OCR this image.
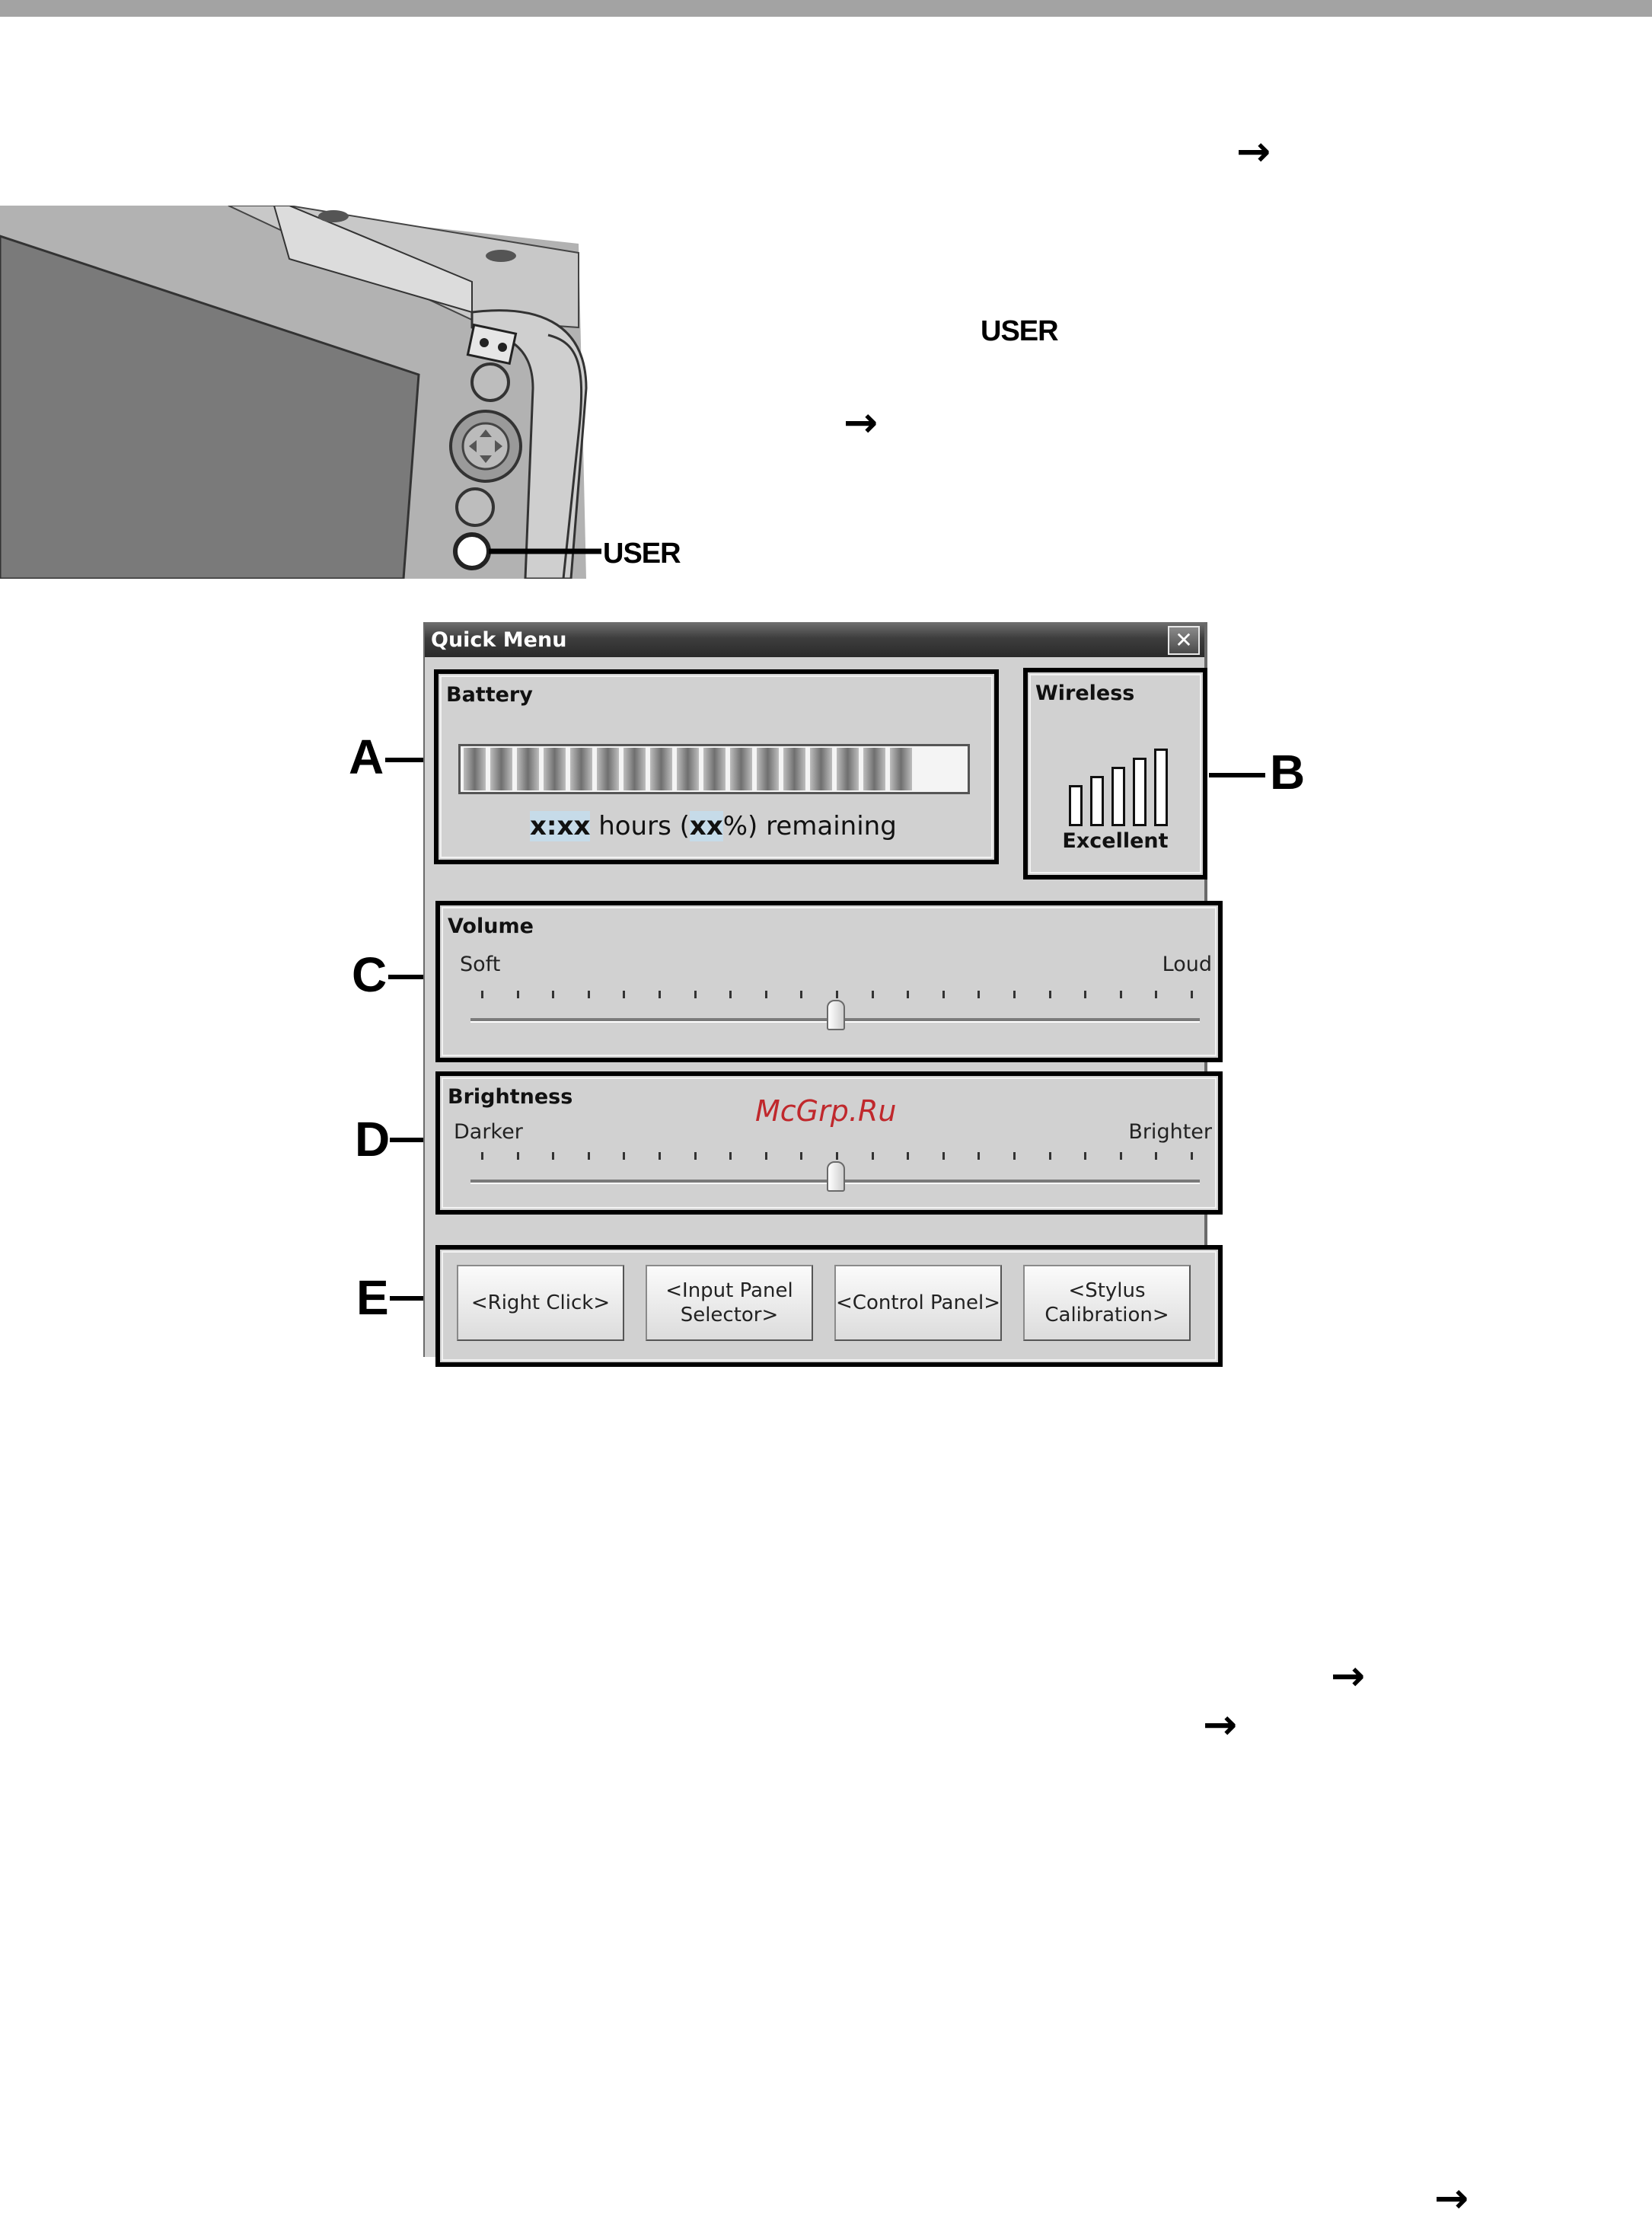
→
USER
→
→
→
→
USER
A	B
C
D
E
Quick Menu	✕
Battery
x:xx hours (xx%) remaining
Wireless
Excellent
Volume
Soft	Loud
Brightness
Darker	Brighter
McGrp.Ru
<Right Click>
<Input Panel
Selector>
<Control Panel>
<Stylus
Calibration>
